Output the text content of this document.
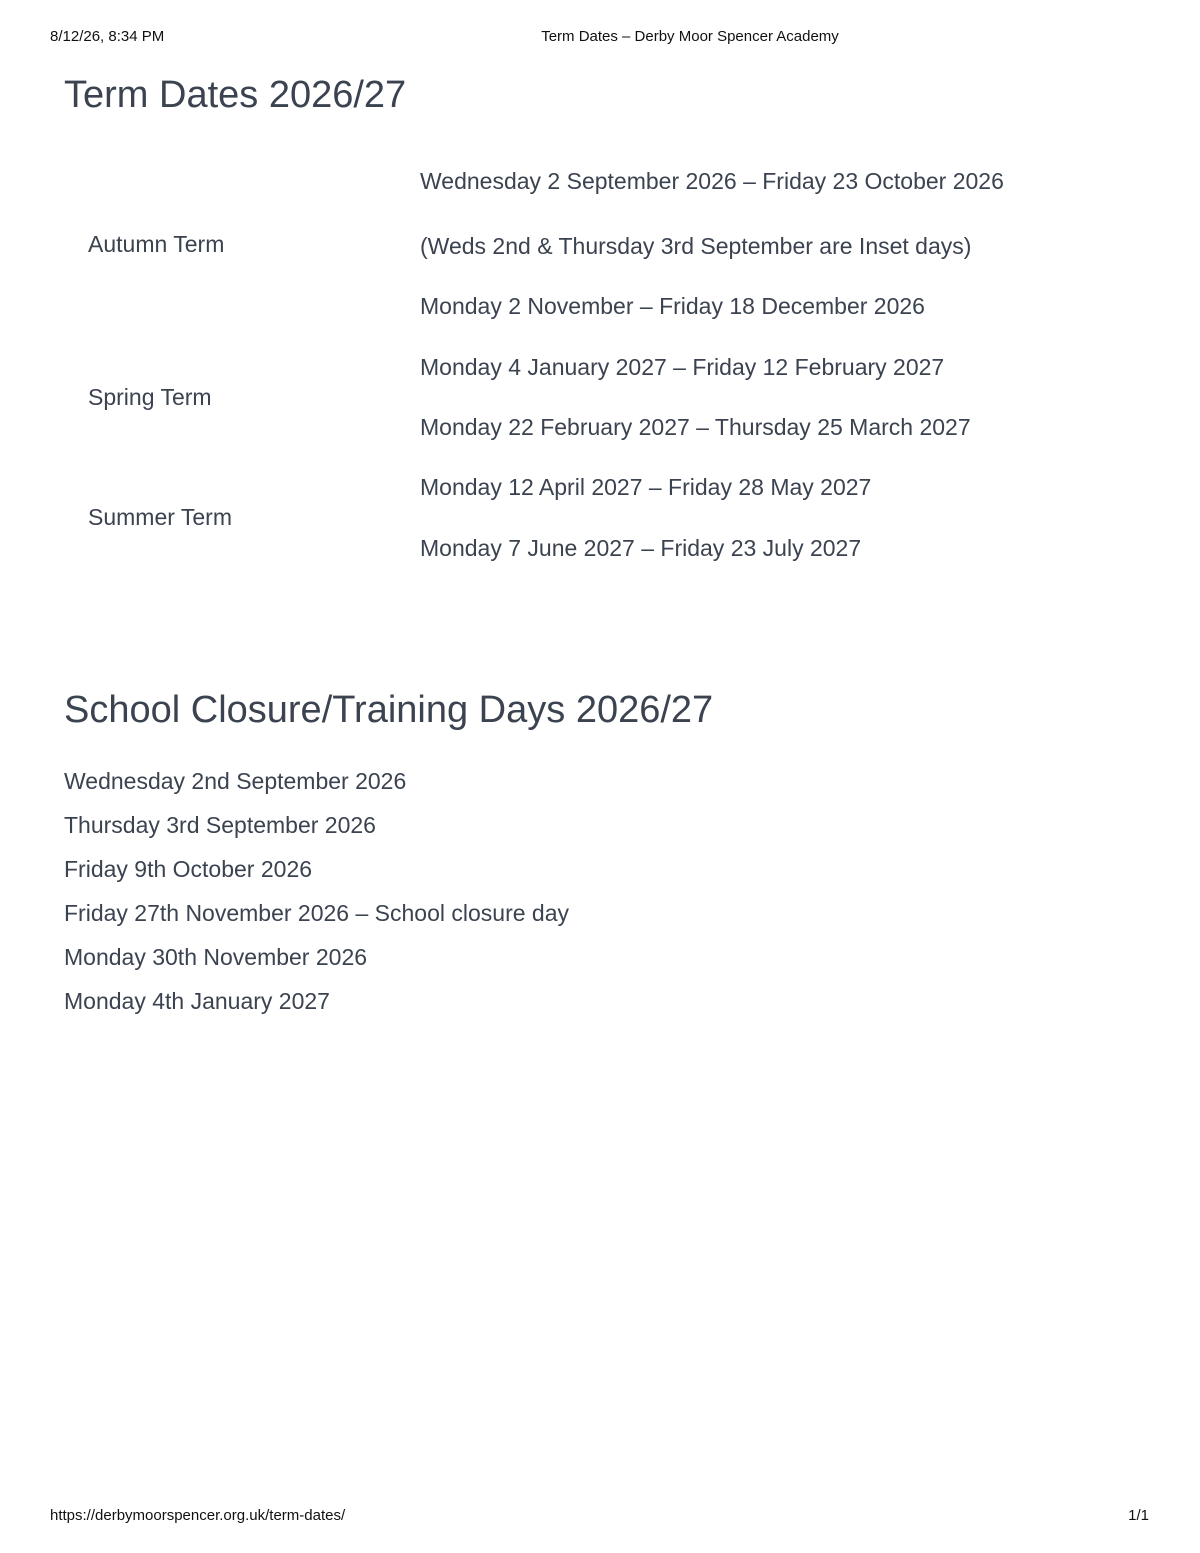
8/12/26, 8:34 PM	Term Dates – Derby Moor Spencer Academy
Term Dates 2026/27
Autumn Term
Wednesday 2 September 2026 – Friday 23 October 2026
(Weds 2nd & Thursday 3rd September are Inset days)
Monday 2 November – Friday 18 December 2026
Spring Term
Monday 4 January 2027 – Friday 12 February 2027
Monday 22 February 2027 – Thursday 25 March 2027
Summer Term
Monday 12 April 2027 – Friday 28 May 2027
Monday 7 June 2027 – Friday 23 July 2027
School Closure/Training Days 2026/27
Wednesday 2nd September 2026
Thursday 3rd September 2026
Friday 9th October 2026
Friday 27th November 2026 – School closure day
Monday 30th November 2026
Monday 4th January 2027
https://derbymoorspencer.org.uk/term-dates/	1/1
